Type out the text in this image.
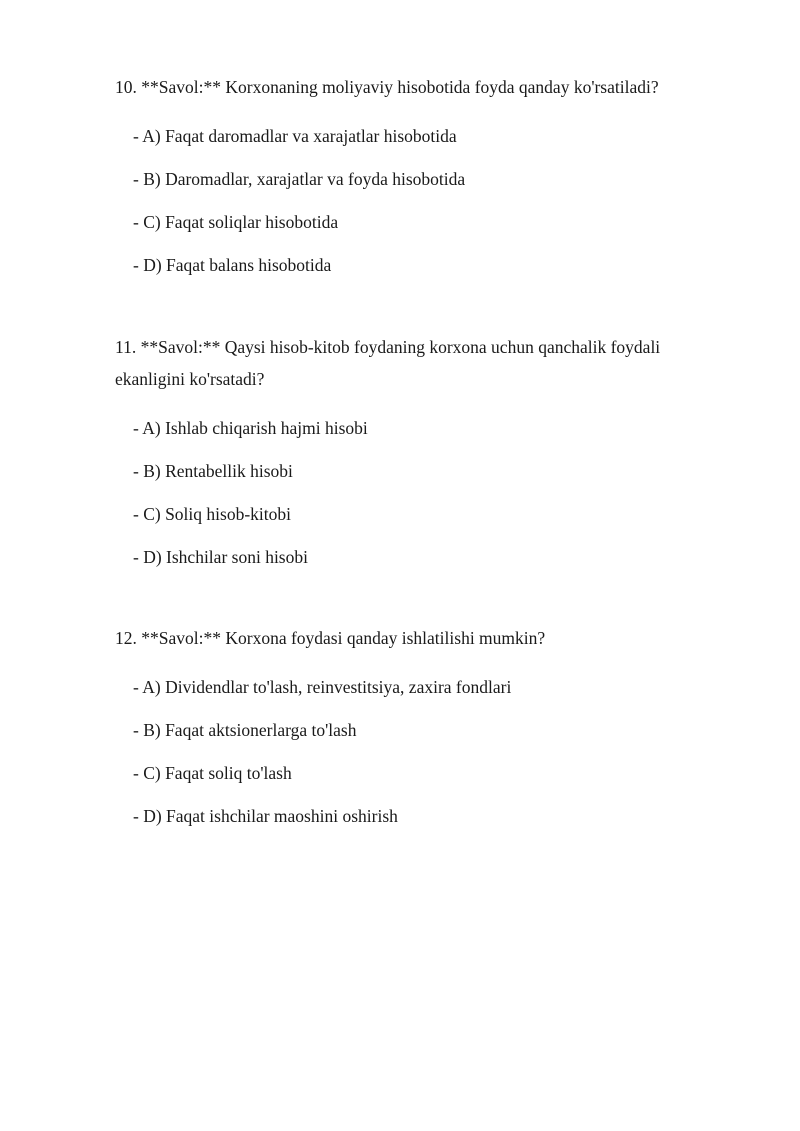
10. **Savol:** Korxonaning moliyaviy hisobotida foyda qanday ko'rsatiladi?

- A) Faqat daromadlar va xarajatlar hisobotida
- B) Daromadlar, xarajatlar va foyda hisobotida
- C) Faqat soliqlar hisobotida
- D) Faqat balans hisobotida

11. **Savol:** Qaysi hisob-kitob foydaning korxona uchun qanchalik foydali ekanligini ko'rsatadi?

- A) Ishlab chiqarish hajmi hisobi
- B) Rentabellik hisobi
- C) Soliq hisob-kitobi
- D) Ishchilar soni hisobi

12. **Savol:** Korxona foydasi qanday ishlatilishi mumkin?

- A) Dividendlar to'lash, reinvestitsiya, zaxira fondlari
- B) Faqat aktsionerlarga to'lash
- C) Faqat soliq to'lash
- D) Faqat ishchilar maoshini oshirish
